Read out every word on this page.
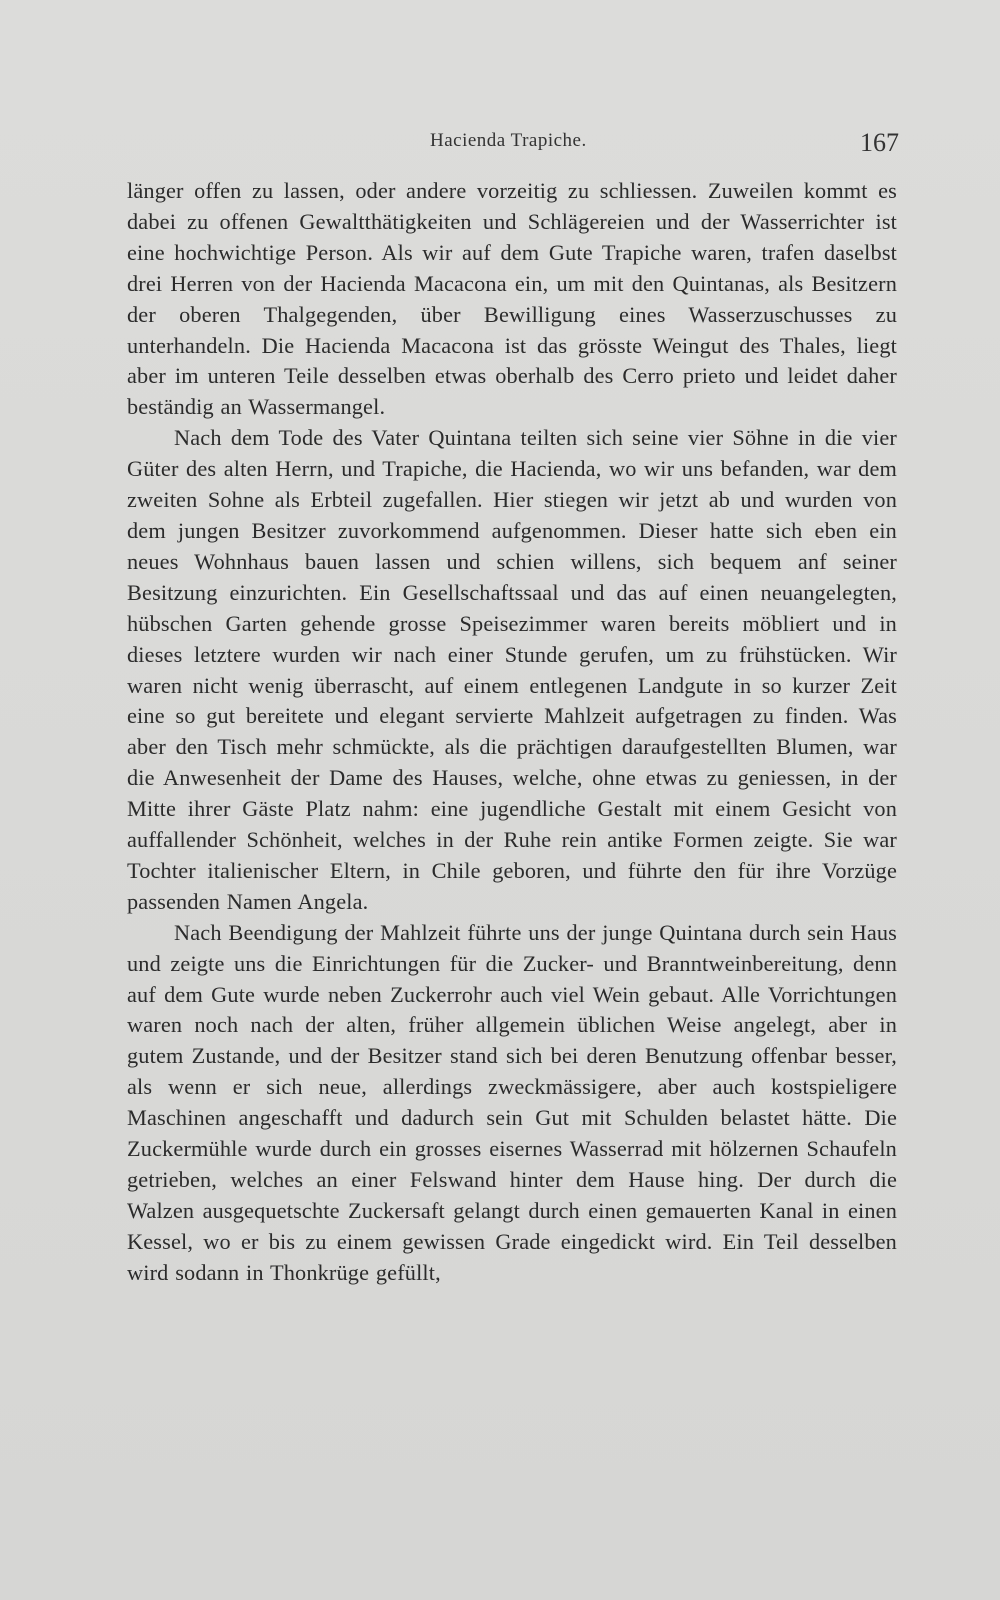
Hacienda Trapiche.	167

länger offen zu lassen, oder andere vorzeitig zu schliessen. Zuweilen kommt es dabei zu offenen Gewaltthätigkeiten und Schlägereien und der Wasserrichter ist eine hochwichtige Person. Als wir auf dem Gute Trapiche waren, trafen daselbst drei Herren von der Hacienda Macacona ein, um mit den Quintanas, als Besitzern der oberen Thalgegenden, über Bewilligung eines Wasserzuschusses zu unterhandeln. Die Hacienda Macacona ist das grösste Weingut des Thales, liegt aber im unteren Teile desselben etwas oberhalb des Cerro prieto und leidet daher beständig an Wassermangel.

Nach dem Tode des Vater Quintana teilten sich seine vier Söhne in die vier Güter des alten Herrn, und Trapiche, die Hacienda, wo wir uns befanden, war dem zweiten Sohne als Erbteil zugefallen. Hier stiegen wir jetzt ab und wurden von dem jungen Besitzer zuvorkommend aufgenommen. Dieser hatte sich eben ein neues Wohnhaus bauen lassen und schien willens, sich bequem anf seiner Besitzung einzurichten. Ein Gesellschaftssaal und das auf einen neuangelegten, hübschen Garten gehende grosse Speisezimmer waren bereits möbliert und in dieses letztere wurden wir nach einer Stunde gerufen, um zu frühstücken. Wir waren nicht wenig überrascht, auf einem entlegenen Landgute in so kurzer Zeit eine so gut bereitete und elegant servierte Mahlzeit aufgetragen zu finden. Was aber den Tisch mehr schmückte, als die prächtigen daraufgestellten Blumen, war die Anwesenheit der Dame des Hauses, welche, ohne etwas zu geniessen, in der Mitte ihrer Gäste Platz nahm: eine jugendliche Gestalt mit einem Gesicht von auffallender Schönheit, welches in der Ruhe rein antike Formen zeigte. Sie war Tochter italienischer Eltern, in Chile geboren, und führte den für ihre Vorzüge passenden Namen Angela.

Nach Beendigung der Mahlzeit führte uns der junge Quintana durch sein Haus und zeigte uns die Einrichtungen für die Zucker- und Branntweinbereitung, denn auf dem Gute wurde neben Zuckerrohr auch viel Wein gebaut. Alle Vorrichtungen waren noch nach der alten, früher allgemein üblichen Weise angelegt, aber in gutem Zustande, und der Besitzer stand sich bei deren Benutzung offenbar besser, als wenn er sich neue, allerdings zweckmässigere, aber auch kostspieligere Maschinen angeschafft und dadurch sein Gut mit Schulden belastet hätte. Die Zuckermühle wurde durch ein grosses eisernes Wasserrad mit hölzernen Schaufeln getrieben, welches an einer Felswand hinter dem Hause hing. Der durch die Walzen ausgequetschte Zuckersaft gelangt durch einen gemauerten Kanal in einen Kessel, wo er bis zu einem gewissen Grade eingedickt wird. Ein Teil desselben wird sodann in Thonkrüge gefüllt,
